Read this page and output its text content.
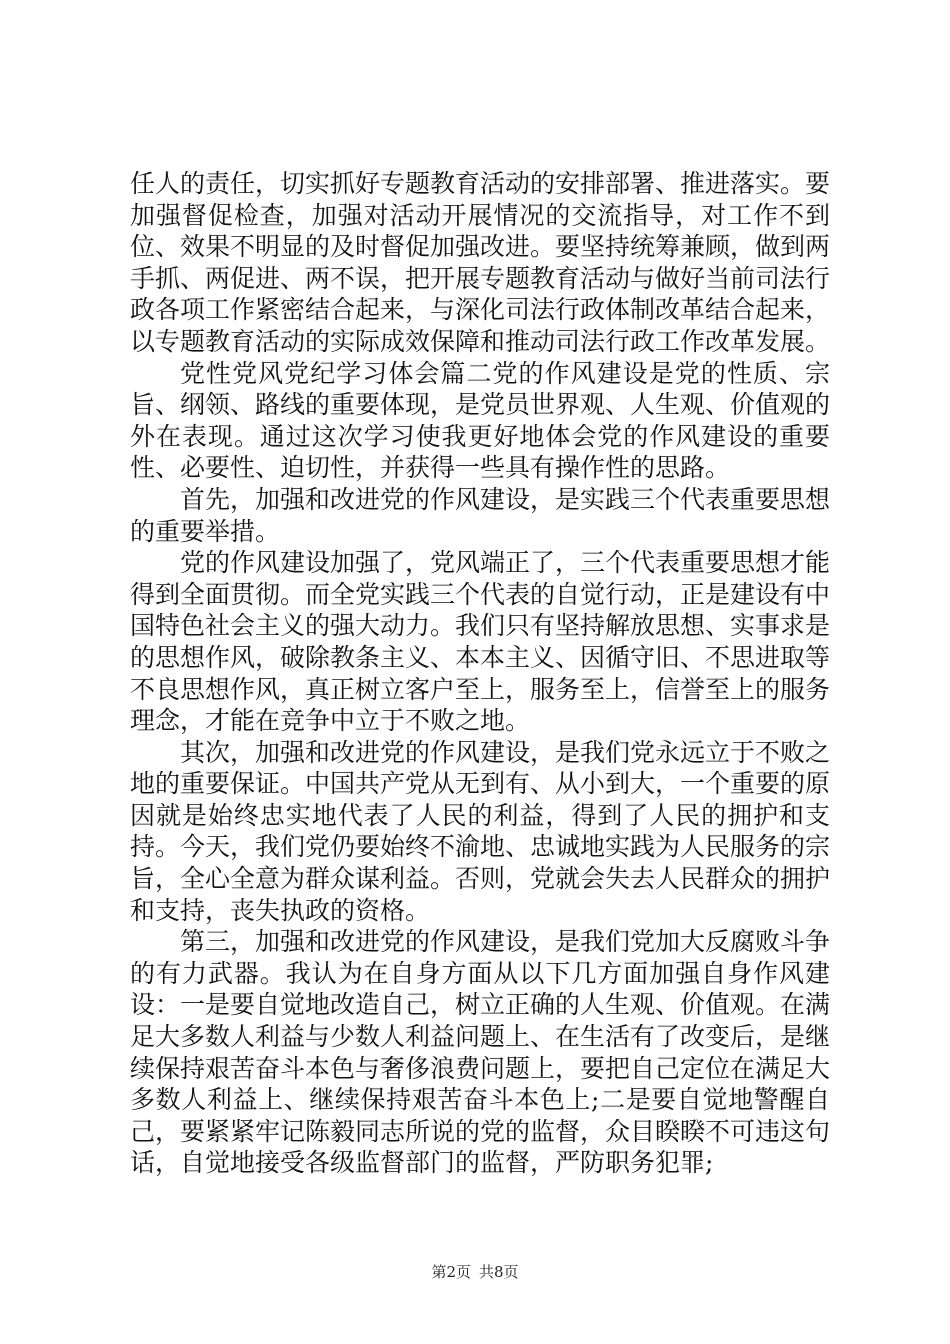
任人的责任，切实抓好专题教育活动的安排部署、推进落实。要加强督促检查，加强对活动开展情况的交流指导，对工作不到位、效果不明显的及时督促加强改进。要坚持统筹兼顾，做到两手抓、两促进、两不误，把开展专题教育活动与做好当前司法行政各项工作紧密结合起来，与深化司法行政体制改革结合起来，以专题教育活动的实际成效保障和推动司法行政工作改革发展。

党性党风党纪学习体会篇二党的作风建设是党的性质、宗旨、纲领、路线的重要体现，是党员世界观、人生观、价值观的外在表现。通过这次学习使我更好地体会党的作风建设的重要性、必要性、迫切性，并获得一些具有操作性的思路。

首先，加强和改进党的作风建设，是实践三个代表重要思想的重要举措。

党的作风建设加强了，党风端正了，三个代表重要思想才能得到全面贯彻。而全党实践三个代表的自觉行动，正是建设有中国特色社会主义的强大动力。我们只有坚持解放思想、实事求是的思想作风，破除教条主义、本本主义、因循守旧、不思进取等不良思想作风，真正树立客户至上，服务至上，信誉至上的服务理念，才能在竞争中立于不败之地。

其次，加强和改进党的作风建设，是我们党永远立于不败之地的重要保证。中国共产党从无到有、从小到大，一个重要的原因就是始终忠实地代表了人民的利益，得到了人民的拥护和支持。今天，我们党仍要始终不渝地、忠诚地实践为人民服务的宗旨，全心全意为群众谋利益。否则，党就会失去人民群众的拥护和支持，丧失执政的资格。

第三，加强和改进党的作风建设，是我们党加大反腐败斗争的有力武器。我认为在自身方面从以下几方面加强自身作风建设：一是要自觉地改造自己，树立正确的人生观、价值观。在满足大多数人利益与少数人利益问题上、在生活有了改变后，是继续保持艰苦奋斗本色与奢侈浪费问题上，要把自己定位在满足大多数人利益上、继续保持艰苦奋斗本色上;二是要自觉地警醒自己，要紧紧牢记陈毅同志所说的党的监督，众目睽睽不可违这句话，自觉地接受各级监督部门的监督，严防职务犯罪;

第2页 共8页
